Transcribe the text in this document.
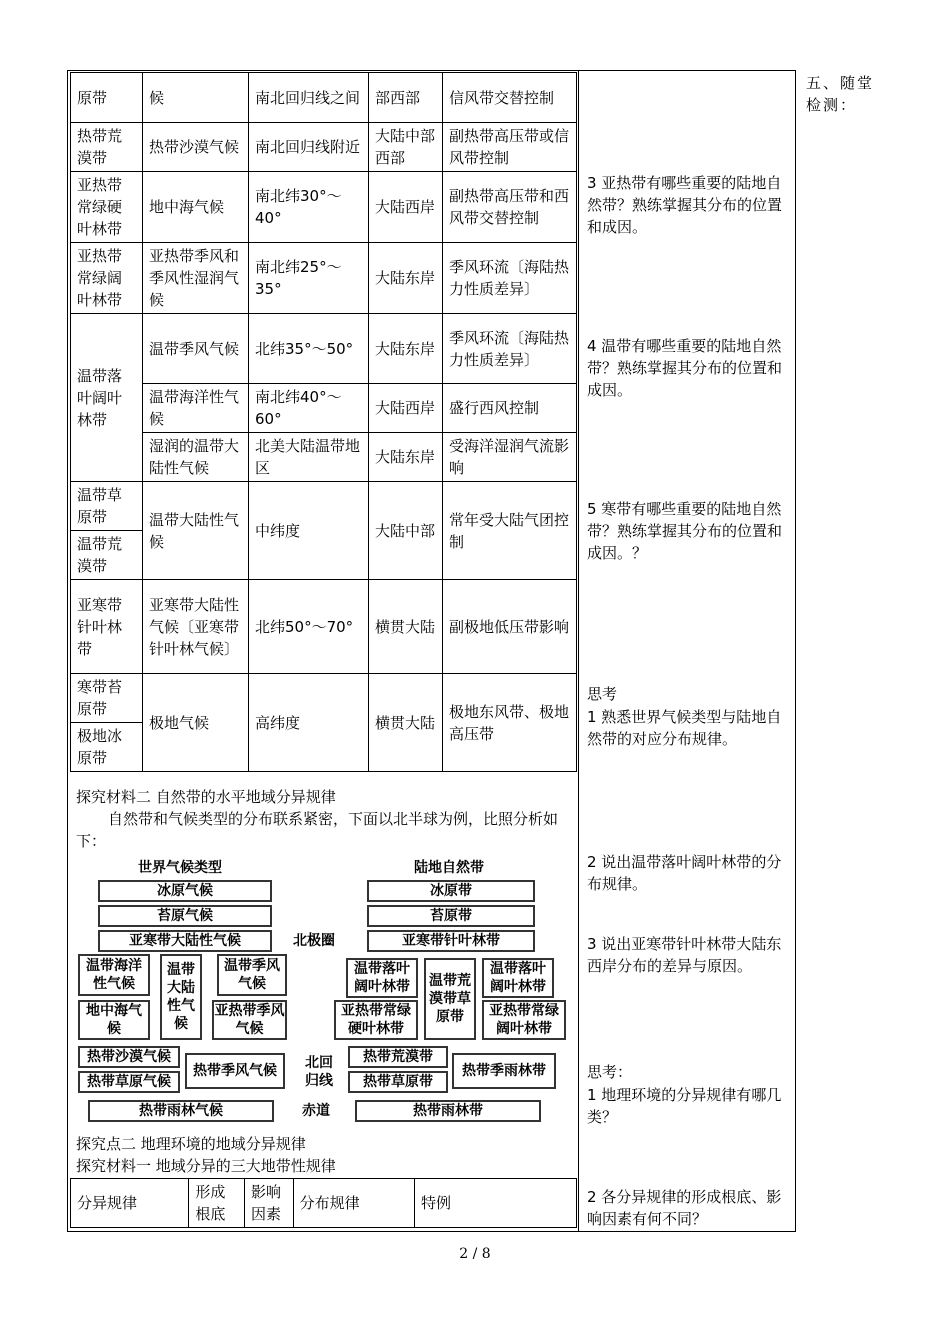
五、随堂检测：
原带	候	南北回归线之间	部西部	信风带交替控制
热带荒漠带	热带沙漠气候	南北回归线附近	大陆中部西部	副热带高压带或信风带控制
亚热带常绿硬叶林带	地中海气候	南北纬30°～40°	大陆西岸	副热带高压带和西风带交替控制
亚热带常绿阔叶林带	亚热带季风和季风性湿润气候	南北纬25°～35°	大陆东岸	季风环流〔海陆热力性质差异〕
温带落叶阔叶林带	温带季风气候	北纬35°～50°	大陆东岸	季风环流〔海陆热力性质差异〕
	温带海洋性气候	南北纬40°～60°	大陆西岸	盛行西风控制
	湿润的温带大陆性气候	北美大陆温带地区	大陆东岸	受海洋湿润气流影响
温带草原带	温带大陆性气候	中纬度	大陆中部	常年受大陆气团控制
温带荒漠带				
亚寒带针叶林带	亚寒带大陆性气候〔亚寒带针叶林气候〕	北纬50°～70°	横贯大陆	副极地低压带影响
寒带苔原带	极地气候	高纬度	横贯大陆	极地东风带、极地高压带
极地冰原带				
3 亚热带有哪些重要的陆地自然带？熟练掌握其分布的位置和成因。
4 温带有哪些重要的陆地自然带？熟练掌握其分布的位置和成因。
5 寒带有哪些重要的陆地自然带？熟练掌握其分布的位置和成因。？
思考
1 熟悉世界气候类型与陆地自然带的对应分布规律。
2 说出温带落叶阔叶林带的分布规律。
3 说出亚寒带针叶林带大陆东西岸分布的差异与原因。
思考：
1 地理环境的分异规律有哪几类？
2 各分异规律的形成根底、影响因素有何不同？
探究材料二 自然带的水平地域分异规律
自然带和气候类型的分布联系紧密，下面以北半球为例，比照分析如下：
世界气候类型	陆地自然带
冰原气候
苔原气候
亚寒带大陆性气候	北极圈
冰原带
苔原带
亚寒带针叶林带
温带海洋性气候
温带大陆性气候
温带季风气候
地中海气候
亚热带季风气候
温带落叶阔叶林带	温带荒漠带草原带
温带落叶阔叶林带
亚热带常绿硬叶林带
亚热带常绿阔叶林带
热带沙漠气候
热带草原气候
热带季风气候	北回归线
热带荒漠带
热带草原带
热带季雨林带
热带雨林气候	赤道	热带雨林带
探究点二 地理环境的地域分异规律
探究材料一 地域分异的三大地带性规律
分异规律	形成根底	影响因素	分布规律	特例
2 / 8
